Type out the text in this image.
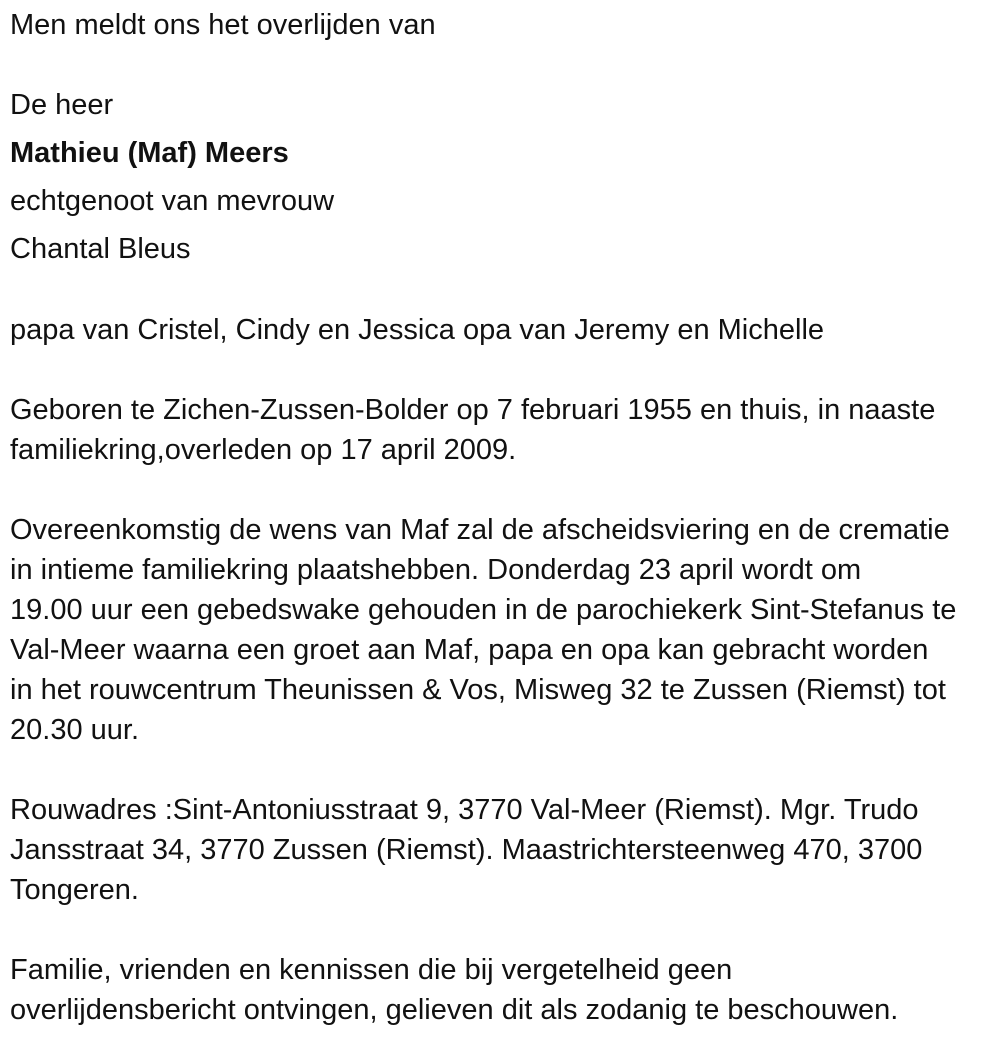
Men meldt ons het overlijden van
De heer
Mathieu (Maf) Meers
echtgenoot van mevrouw
Chantal Bleus
papa van Cristel, Cindy en Jessica opa van Jeremy en Michelle
Geboren te Zichen-Zussen-Bolder op 7 februari 1955 en thuis, in naaste
familiekring,overleden op 17 april 2009.
Overeenkomstig de wens van Maf zal de afscheidsviering en de crematie
in intieme familiekring plaatshebben. Donderdag 23 april wordt om
19.00 uur een gebedswake gehouden in de parochiekerk Sint-Stefanus te
Val-Meer waarna een groet aan Maf, papa en opa kan gebracht worden
in het rouwcentrum Theunissen & Vos, Misweg 32 te Zussen (Riemst) tot
20.30 uur.
Rouwadres :Sint-Antoniusstraat 9, 3770 Val-Meer (Riemst). Mgr. Trudo
Jansstraat 34, 3770 Zussen (Riemst). Maastrichtersteenweg 470, 3700
Tongeren.
Familie, vrienden en kennissen die bij vergetelheid geen
overlijdensbericht ontvingen, gelieven dit als zodanig te beschouwen.
